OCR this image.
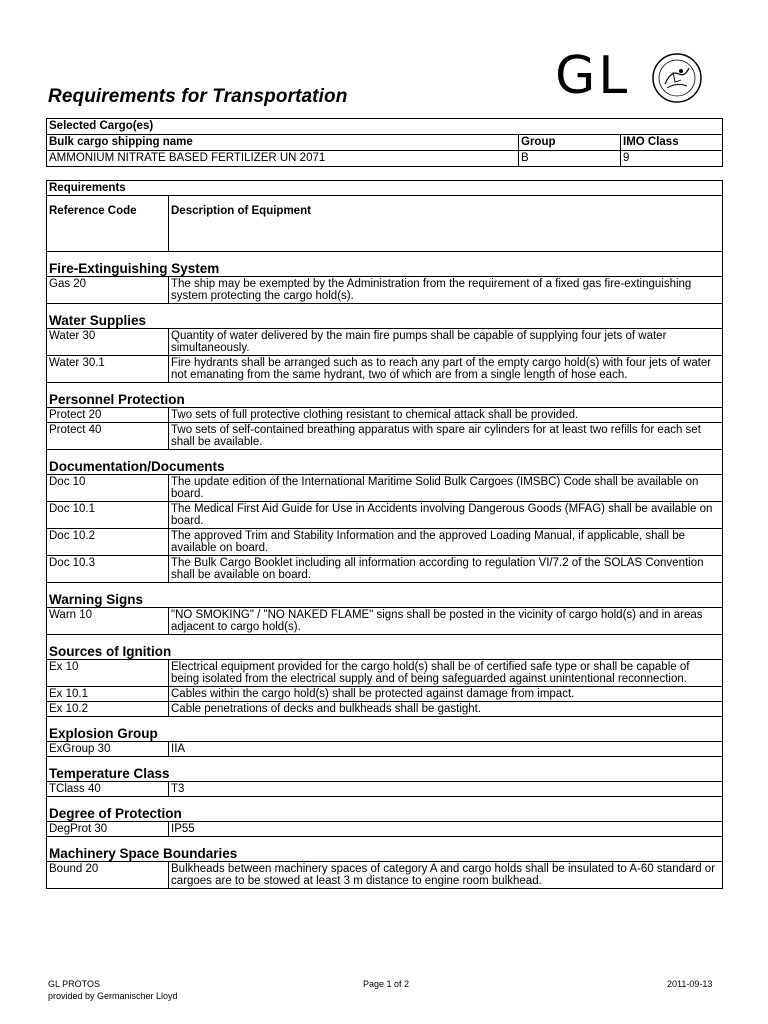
Requirements for Transportation	GL
Selected Cargo(es)		
Bulk cargo shipping name	Group	IMO Class
AMMONIUM NITRATE BASED FERTILIZER UN 2071	B	9
Requirements	
Reference Code	Description of Equipment
Fire-Extinguishing System	
Gas 20	The ship may be exempted by the Administration from the requirement of a fixed gas fire-extinguishing system protecting the cargo hold(s).
Water Supplies	
Water 30	Quantity of water delivered by the main fire pumps shall be capable of supplying four jets of water simultaneously.
Water 30.1	Fire hydrants shall be arranged such as to reach any part of the empty cargo hold(s) with four jets of water not emanating from the same hydrant, two of which are from a single length of hose each.
Personnel Protection	
Protect 20	Two sets of full protective clothing resistant to chemical attack shall be provided.
Protect 40	Two sets of self-contained breathing apparatus with spare air cylinders for at least two refills for each set shall be available.
Documentation/Documents	
Doc 10	The update edition of the International Maritime Solid Bulk Cargoes (IMSBC) Code shall be available on board.
Doc 10.1	The Medical First Aid Guide for Use in Accidents involving Dangerous Goods (MFAG) shall be available on board.
Doc 10.2	The approved Trim and Stability Information and the approved Loading Manual, if applicable, shall be available on board.
Doc 10.3	The Bulk Cargo Booklet including all information according to regulation VI/7.2 of the SOLAS Convention shall be available on board.
Warning Signs	
Warn 10	"NO SMOKING" / "NO NAKED FLAME" signs shall be posted in the vicinity of cargo hold(s) and in areas adjacent to cargo hold(s).
Sources of Ignition	
Ex 10	Electrical equipment provided for the cargo hold(s) shall be of certified safe type or shall be capable of being isolated from the electrical supply and of being safeguarded against unintentional reconnection.
Ex 10.1	Cables within the cargo hold(s) shall be protected against damage from impact.
Ex 10.2	Cable penetrations of decks and bulkheads shall be gastight.
Explosion Group	
ExGroup 30	IIA
Temperature Class	
TClass 40	T3
Degree of Protection	
DegProt 30	IP55
Machinery Space Boundaries	
Bound 20	Bulkheads between machinery spaces of category A and cargo holds shall be insulated to A-60 standard or cargoes are to be stowed at least 3 m distance to engine room bulkhead.
GL PROTOS
provided by Germanischer Lloyd
Page 1 of 2	2011-09-13
